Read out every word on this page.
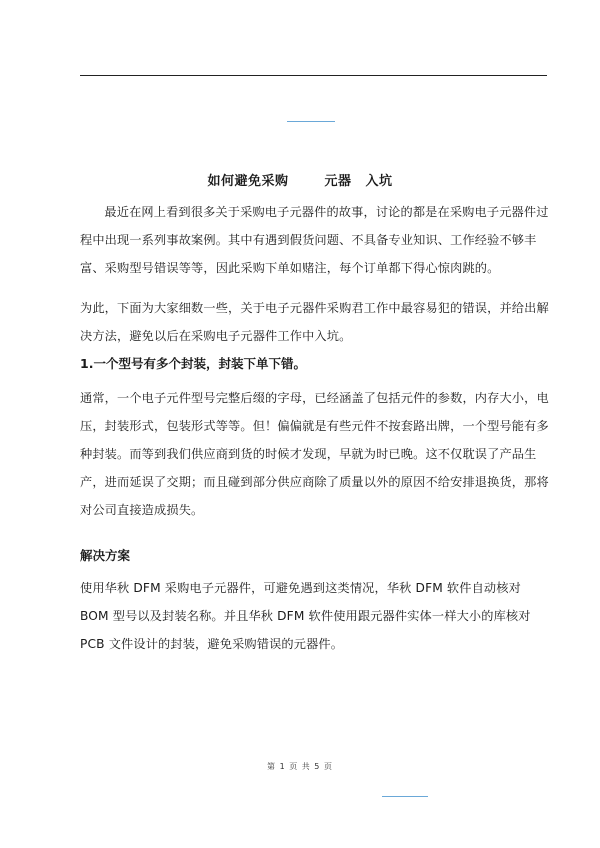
如何避免采购	元器 入坑
最近在网上看到很多关于采购电子元器件的故事，讨论的都是在采购电子元器件过程中出现一系列事故案例。其中有遇到假货问题、不具备专业知识、工作经验不够丰富、采购型号错误等等，因此采购下单如赌注，每个订单都下得心惊肉跳的。
为此，下面为大家细数一些，关于电子元器件采购君工作中最容易犯的错误，并给出解决方法，避免以后在采购电子元器件工作中入坑。
1.一个型号有多个封装，封装下单下错。
通常，一个电子元件型号完整后缀的字母，已经涵盖了包括元件的参数，内存大小，电压，封装形式，包装形式等等。但！偏偏就是有些元件不按套路出牌，一个型号能有多种封装。而等到我们供应商到货的时候才发现，早就为时已晚。这不仅耽误了产品生产，进而延误了交期；而且碰到部分供应商除了质量以外的原因不给安排退换货，那将对公司直接造成损失。
解决方案
使用华秋 DFM 采购电子元器件，可避免遇到这类情况，华秋 DFM 软件自动核对 BOM 型号以及封装名称。并且华秋 DFM 软件使用跟元器件实体一样大小的库核对 PCB 文件设计的封装，避免采购错误的元器件。
第 1 页 共 5 页
